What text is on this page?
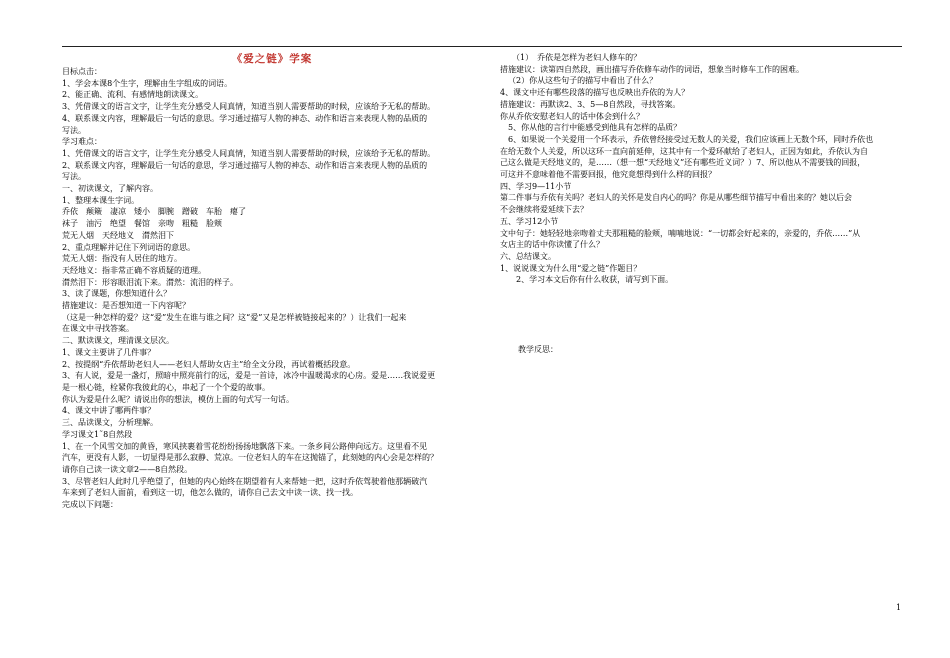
《爱之链》学案

目标点击：

1、学会本课8个生字，理解由生字组成的词语。

2、能正确、流利、有感情地朗读课文。

3、凭借课文的语言文字，让学生充分感受人间真情，知道当别人需要帮助的时候，应该给予无私的帮助。

4、联系课文内容，理解最后一句话的意思。学习通过描写人物的神态、动作和语言来表现人物的品质的

写法。

学习难点：

1、凭借课文的语言文字，让学生充分感受人间真情，知道当别人需要帮助的时候，应该给予无私的帮助。

2、联系课文内容，理解最后一句话的意思，学习通过描写人物的神态、动作和语言来表现人物的品质的

写法。

一、初读课文，了解内容。

1、整理本课生字词。

乔依　颠簸　凄凉　矮小　脚腕　蹭破　车胎　瘪了

袜子　油污　绝望　餐馆　亲吻　粗糙　脸颊

荒无人烟　天经地义　潸然泪下

2、重点理解并记住下列词语的意思。

荒无人烟：指没有人居住的地方。

天经地义：指非常正确不容质疑的道理。

潸然泪下：形容眼泪流下来。潸然：流泪的样子。

3、读了课题，你想知道什么？

措施建议：是否想知道一下内容呢？

（这是一种怎样的爱？这“爱”发生在谁与谁之间？这“爱”又是怎样被链接起来的？）让我们一起来

在课文中寻找答案。

二、默读课文，理清课文层次。

1、课文主要讲了几件事？

2、按提纲“乔依帮助老妇人——老妇人帮助女店主”给全文分段，再试着概括段意。

3、有人说，爱是一盏灯，照暗中照亮前行的远，爱是一首诗，冰冷中温暖渴求的心房。爱是……我说爱更

是一根心链，栓紧你我彼此的心，串起了一个个爱的故事。

你认为爱是什么呢？请说出你的想法，模仿上面的句式写一句话。

4、课文中讲了哪两件事？

三、品读课文，分析理解。

学习课文1˜8自然段

1、在一个风雪交加的黄昏，寒风挟裹着雪花纷纷扬扬地飘落下来。一条乡间公路伸向远方。这里看不见

汽车，更没有人影，一切显得是那么寂静、荒凉。一位老妇人的车在这抛锚了，此刻她的内心会是怎样的？

请你自己读一读文章2——8自然段。

3、尽管老妇人此时几乎绝望了，但她的内心始终在期望着有人来帮她一把，这时乔依驾驶着他那辆破汽

车来到了老妇人面前，看到这一切，他怎么做的，请你自己去文中读一读、找一找。

完成以下问题：

（1）　乔依是怎样为老妇人修车的？

措施建议：读第四自然段，画出描写乔依修车动作的词语，想象当时修车工作的困难。

（2）你从这些句子的描写中看出了什么？

4、课文中还有哪些段落的描写也反映出乔依的为人？

措施建议：再默读2、3、5—8自然段，寻找答案。

你从乔依安慰老妇人的话中体会到什么？

5、你从他的言行中能感受到他具有怎样的品质？

6、如果说一个关爱用一个环表示，乔依曾经接受过无数人的关爱，我们应该画上无数个环，同时乔依也

在给无数个人关爱，所以这环一直向前延伸，这其中有一个爱环献给了老妇人，正因为如此，乔依认为自

己这么做是天经地义的，是……（想一想“天经地义”还有哪些近义词？）7、所以他从不需要钱的回报，

可这并不意味着他不需要回报，他究竟想得到什么样的回报？

四、学习9—11小节

第二件事与乔依有关吗？老妇人的关怀是发自内心的吗？你是从哪些细节描写中看出来的？她以后会

不会继续将爱延续下去？

五、学习12小节

文中句子：她轻轻地亲吻着丈夫那粗糙的脸颊，喃喃地说：“一切都会好起来的，亲爱的，乔依……”从

女店主的话中你读懂了什么？

六、总结课文。

1、说说课文为什么用“爱之链”作题目？

2、学习本文后你有什么收获，请写到下面。

教学反思：

1
